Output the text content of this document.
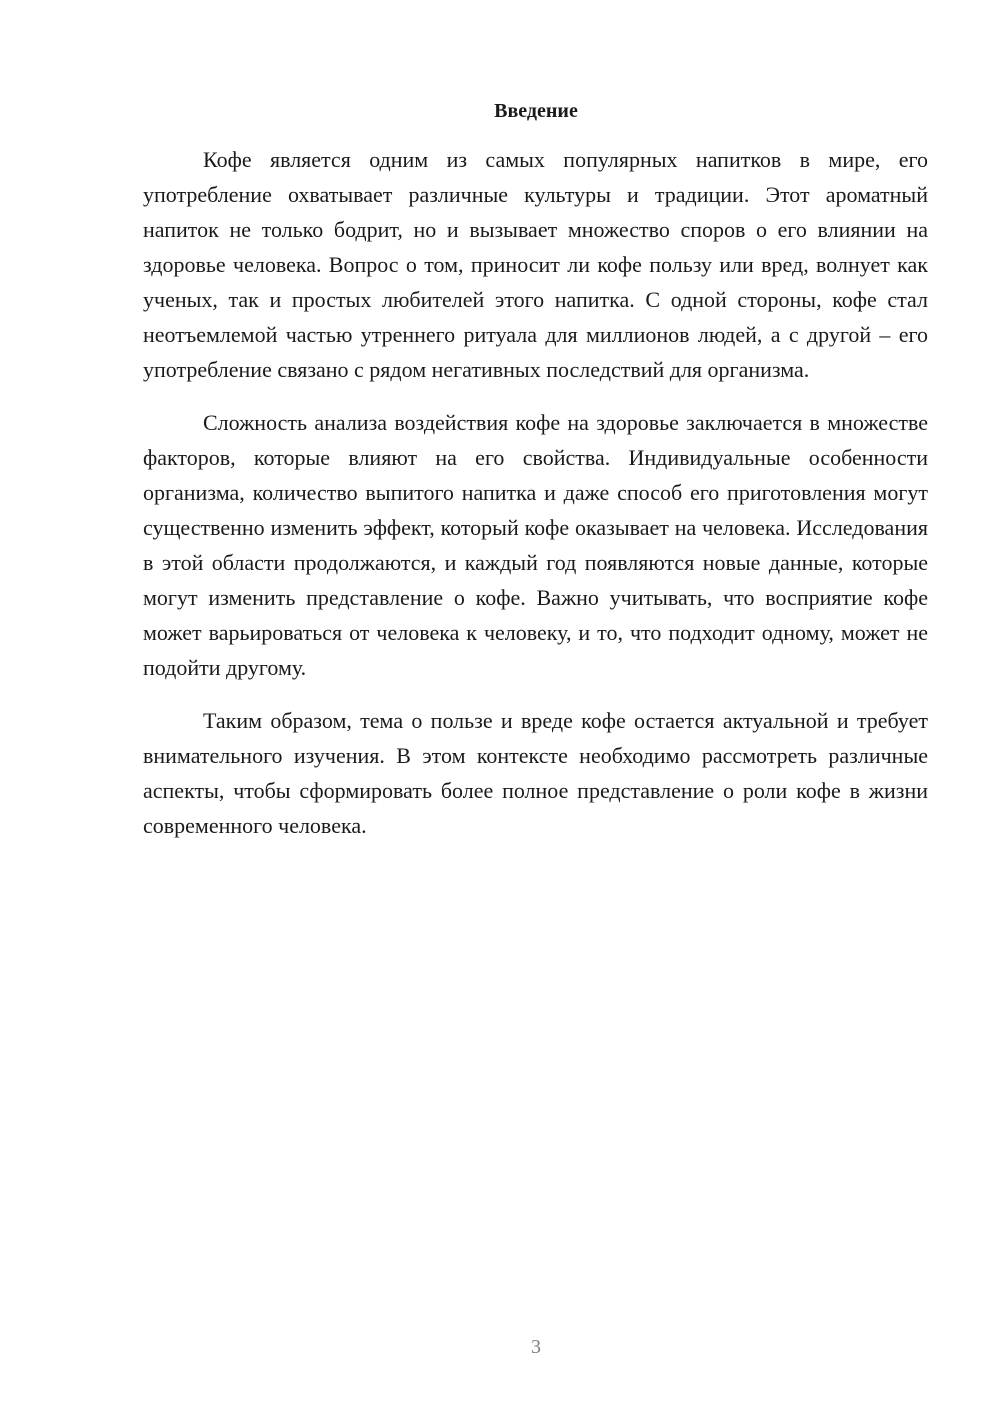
Введение

Кофе является одним из самых популярных напитков в мире, его употребление охватывает различные культуры и традиции. Этот ароматный напиток не только бодрит, но и вызывает множество споров о его влиянии на здоровье человека. Вопрос о том, приносит ли кофе пользу или вред, волнует как ученых, так и простых любителей этого напитка. С одной стороны, кофе стал неотъемлемой частью утреннего ритуала для миллионов людей, а с другой – его употребление связано с рядом негативных последствий для организма.

Сложность анализа воздействия кофе на здоровье заключается в множестве факторов, которые влияют на его свойства. Индивидуальные особенности организма, количество выпитого напитка и даже способ его приготовления могут существенно изменить эффект, который кофе оказывает на человека. Исследования в этой области продолжаются, и каждый год появляются новые данные, которые могут изменить представление о кофе. Важно учитывать, что восприятие кофе может варьироваться от человека к человеку, и то, что подходит одному, может не подойти другому.

Таким образом, тема о пользе и вреде кофе остается актуальной и требует внимательного изучения. В этом контексте необходимо рассмотреть различные аспекты, чтобы сформировать более полное представление о роли кофе в жизни современного человека.

3
